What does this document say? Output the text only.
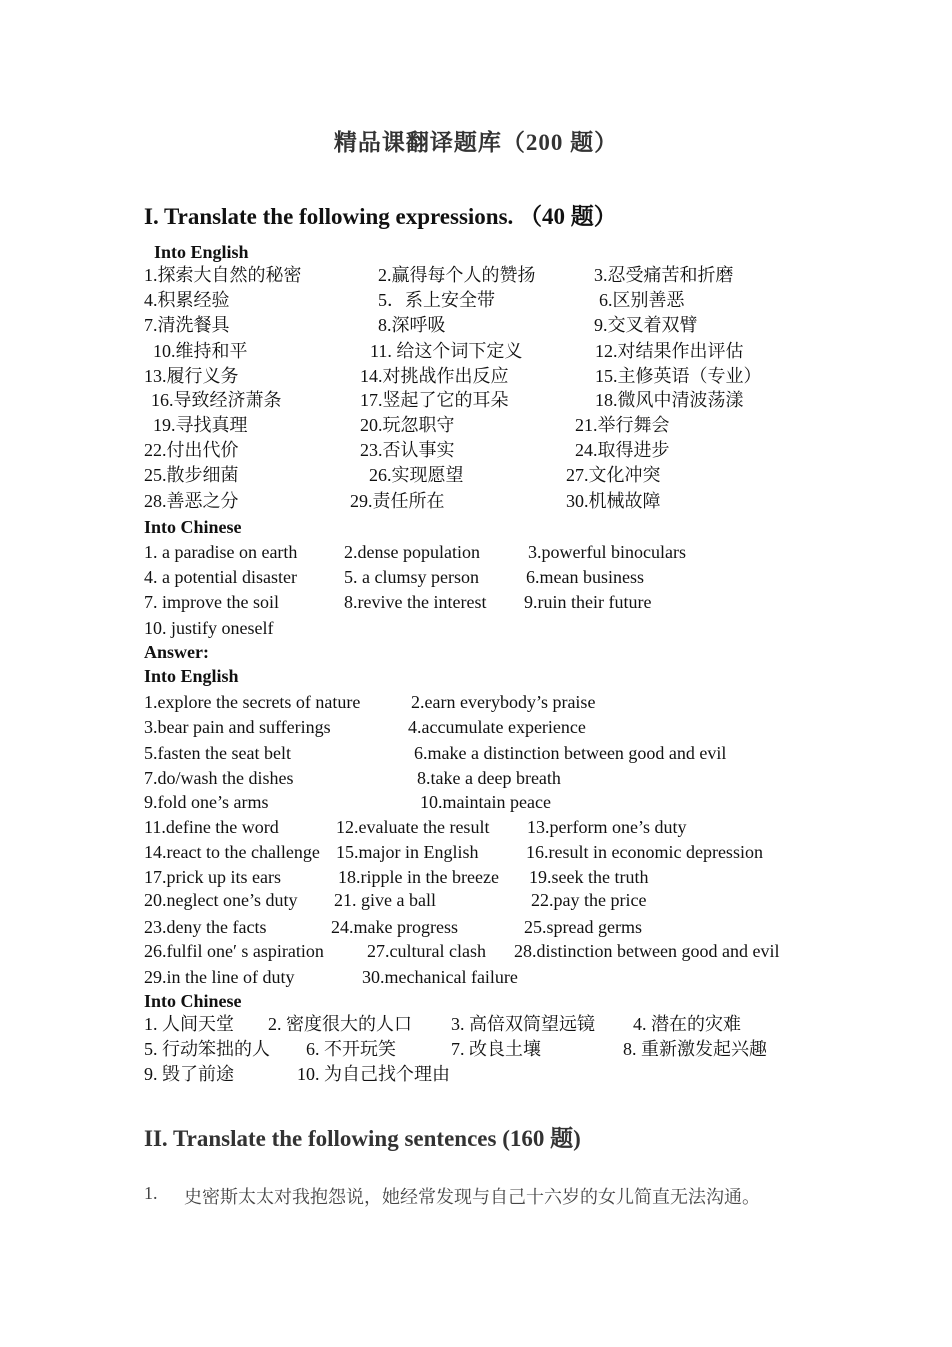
精品课翻译题库（200 题）
I. Translate the following expressions. （40 题）
Into English
1.探索大自然的秘密	2.赢得每个人的赞扬	3.忍受痛苦和折磨
4.积累经验	5．系上安全带	6.区别善恶
7.清洗餐具	8.深呼吸	9.交叉着双臂
10.维持和平	11. 给这个词下定义	12.对结果作出评估
13.履行义务	14.对挑战作出反应	15.主修英语（专业）
16.导致经济萧条	17.竖起了它的耳朵	18.微风中清波荡漾
19.寻找真理	20.玩忽职守	21.举行舞会
22.付出代价	23.否认事实	24.取得进步
25.散步细菌	26.实现愿望	27.文化冲突
28.善恶之分	29.责任所在	30.机械故障
Into Chinese
1. a paradise on earth	2.dense population	3.powerful binoculars
4. a potential disaster	5. a clumsy person	6.mean business
7. improve the soil	8.revive the interest 9.ruin their future
10. justify oneself
Answer:
Into English
1.explore the secrets of nature	2.earn everybody’s praise
3.bear pain and sufferings	4.accumulate experience
5.fasten the seat belt	6.make a distinction between good and evil
7.do/wash the dishes	8.take a deep breath
9.fold one’s arms	10.maintain peace
11.define the word	12.evaluate the result 13.perform one’s duty
14.react to the challenge 15.major in English	16.result in economic depression
17.prick up its ears	18.ripple in the breeze 19.seek the truth
20.neglect one’s duty 21. give a ball	22.pay the price
23.deny the facts	24.make progress	25.spread germs
26.fulfil one′ s aspiration 27.cultural clash 28.distinction between good and evil
29.in the line of duty	30.mechanical failure
Into Chinese
1. 人间天堂 2. 密度很大的人口 3. 高倍双筒望远镜 4. 潜在的灾难
5. 行动笨拙的人 6. 不开玩笑	7. 改良土壤	8. 重新激发起兴趣
9. 毁了前途	10. 为自己找个理由
II. Translate the following sentences (160 题)
1. 史密斯太太对我抱怨说，她经常发现与自己十六岁的女儿简直无法沟通。
